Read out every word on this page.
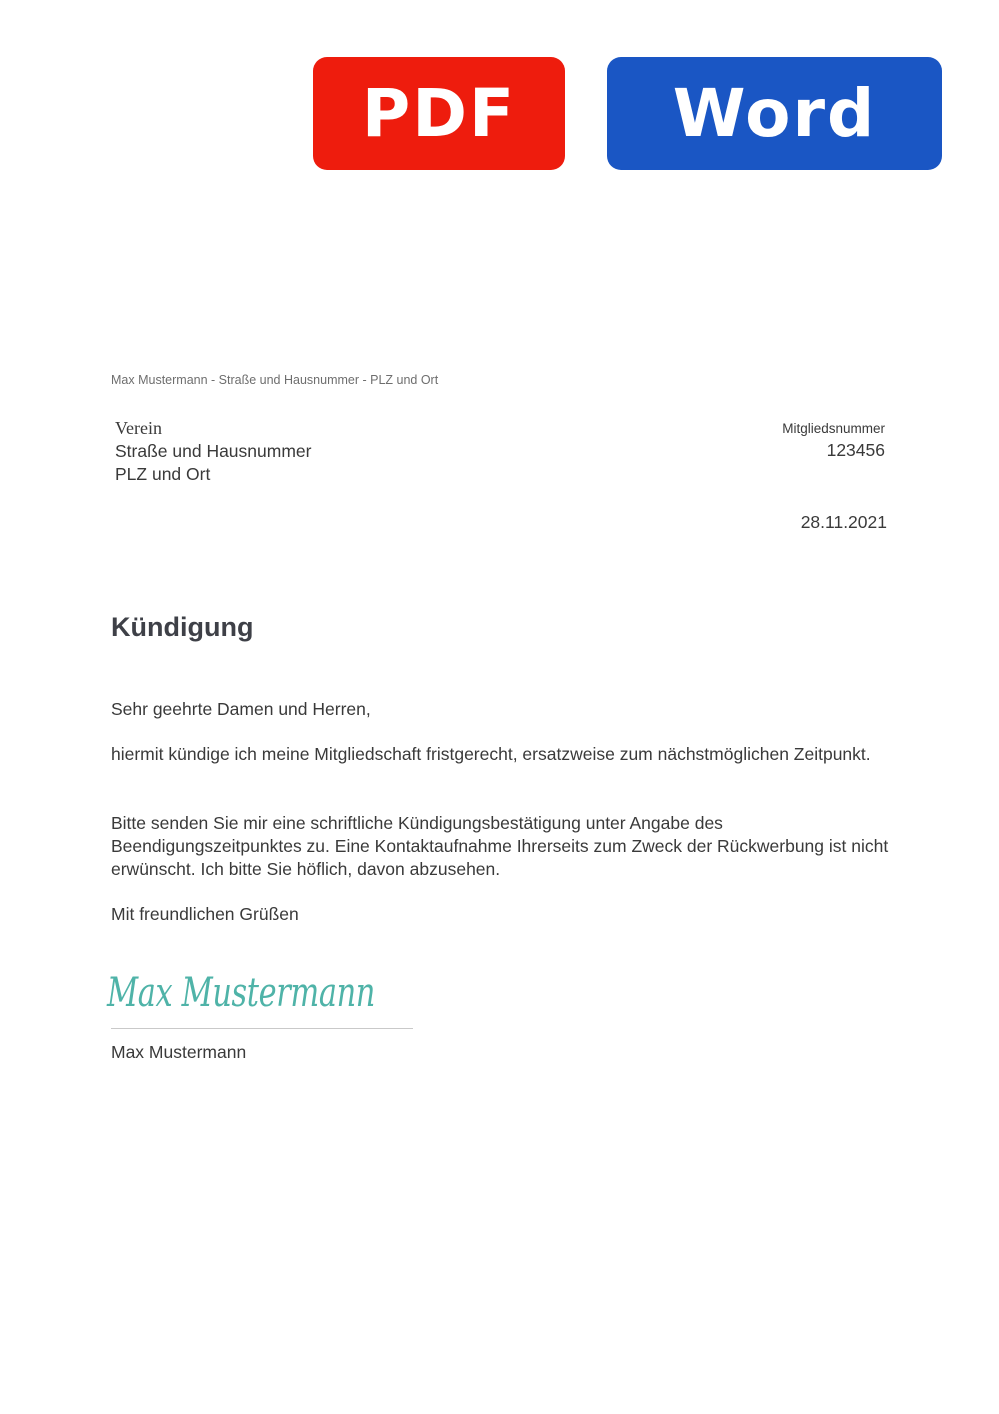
PDF	Word
Max Mustermann - Straße und Hausnummer - PLZ und Ort
Verein
Straße und Hausnummer
PLZ und Ort
Mitgliedsnummer
123456
28.11.2021
Kündigung

Sehr geehrte Damen und Herren,

hiermit kündige ich meine Mitgliedschaft fristgerecht, ersatzweise zum nächstmöglichen Zeitpunkt.

Bitte senden Sie mir eine schriftliche Kündigungsbestätigung unter Angabe des Beendigungszeitpunktes zu. Eine Kontaktaufnahme Ihrerseits zum Zweck der Rückwerbung ist nicht erwünscht. Ich bitte Sie höflich, davon abzusehen.

Mit freundlichen Grüßen

Max Mustermann
Max Mustermann
